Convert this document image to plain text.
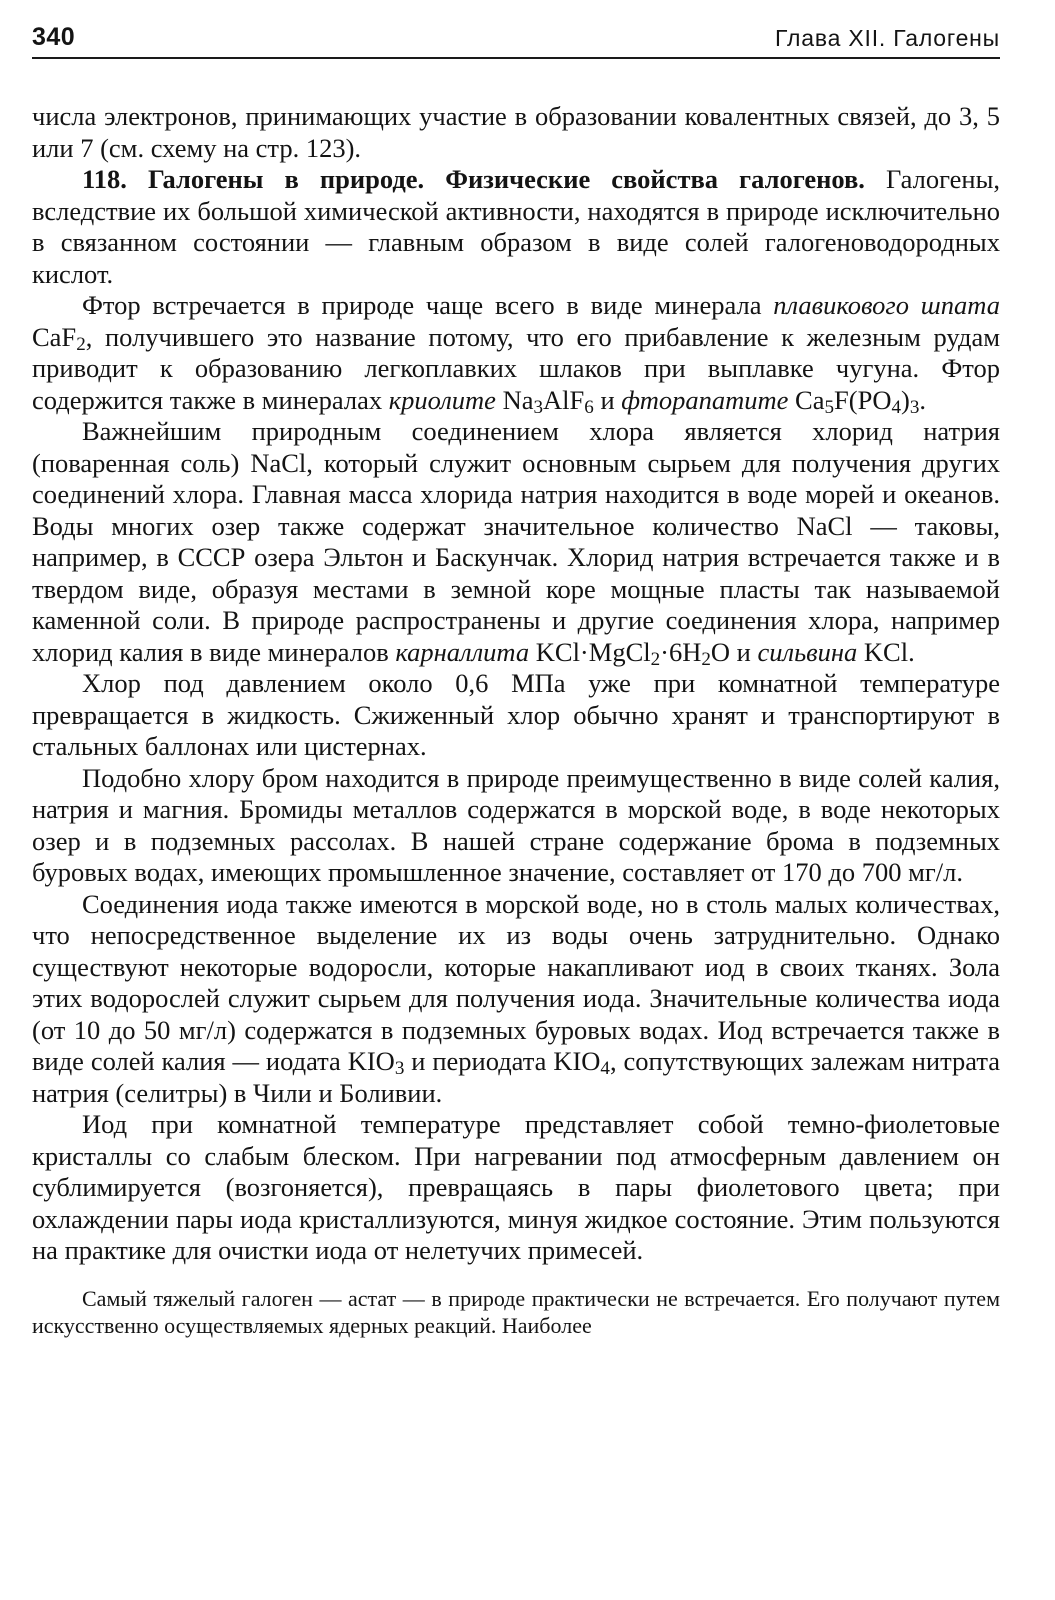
340	Глава XII. Галогены

числа электронов, принимающих участие в образовании ковалентных связей, до 3, 5 или 7 (см. схему на стр. 123).

118. Галогены в природе. Физические свойства галогенов. Галогены, вследствие их большой химической активности, находятся в природе исключительно в связанном состоянии — главным образом в виде солей галогеноводородных кислот.

Фтор встречается в природе чаще всего в виде минерала плавикового шпата CaF$_2$, получившего это название потому, что его прибавление к железным рудам приводит к образованию легкоплавких шлаков при выплавке чугуна. Фтор содержится также в минералах криолите $Na_3AlF_6$ и фторапатите $Ca_5F(PO_4)_3$.

Важнейшим природным соединением хлора является хлорид натрия (поваренная соль) NaCl, который служит основным сырьем для получения других соединений хлора. Главная масса хлорида натрия находится в воде морей и океанов. Воды многих озер также содержат значительное количество NaCl — таковы, например, в СССР озера Эльтон и Баскунчак. Хлорид натрия встречается также и в твердом виде, образуя местами в земной коре мощные пласты так называемой каменной соли. В природе распространены и другие соединения хлора, например хлорид калия в виде минералов карналлита $KCl\cdot MgCl_2\cdot 6H_2O$ и сильвина KCl.

Хлор под давлением около 0,6 МПа уже при комнатной температуре превращается в жидкость. Сжиженный хлор обычно хранят и транспортируют в стальных баллонах или цистернах.

Подобно хлору бром находится в природе преимущественно в виде солей калия, натрия и магния. Бромиды металлов содержатся в морской воде, в воде некоторых озер и в подземных рассолах. В нашей стране содержание брома в подземных буровых водах, имеющих промышленное значение, составляет от 170 до 700 мг/л.

Соединения иода также имеются в морской воде, но в столь малых количествах, что непосредственное выделение их из воды очень затруднительно. Однако существуют некоторые водоросли, которые накапливают иод в своих тканях. Зола этих водорослей служит сырьем для получения иода. Значительные количества иода (от 10 до 50 мг/л) содержатся в подземных буровых водах. Иод встречается также в виде солей калия — иодата $KIO_3$ и периодата $KIO_4$, сопутствующих залежам нитрата натрия (селитры) в Чили и Боливии.

Иод при комнатной температуре представляет собой темно-фиолетовые кристаллы со слабым блеском. При нагревании под атмосферным давлением он сублимируется (возгоняется), превращаясь в пары фиолетового цвета; при охлаждении пары иода кристаллизуются, минуя жидкое состояние. Этим пользуются на практике для очистки иода от нелетучих примесей.

Самый тяжелый галоген — астат — в природе практически не встречается. Его получают путем искусственно осуществляемых ядерных реакций. Наиболее
